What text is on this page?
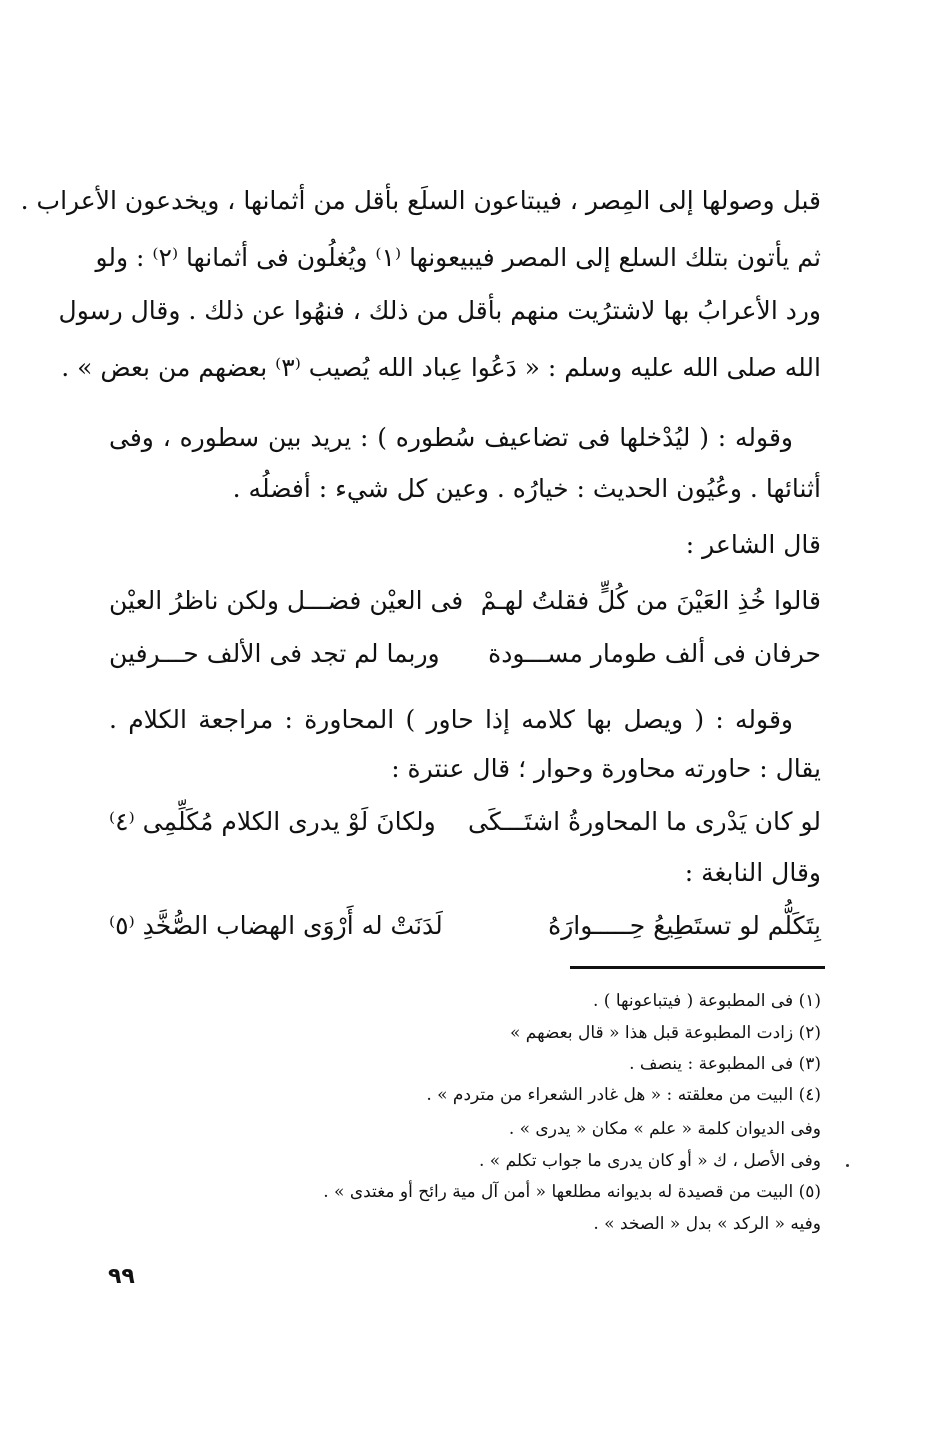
قبل وصولها إلى المِصر ، فيبتاعون السلَع بأقل من أثمانها ، ويخدعون الأعراب .
ثم يأتون بتلك السلع إلى المصر فيبيعونها ⁽١⁾ ويُغلُون فى أثمانها ⁽٢⁾ : ولو
ورد الأعرابُ بها لاشترُيت منهم بأقل من ذلك ، فنهُوا عن ذلك . وقال رسول
الله صلى الله عليه وسلم : « دَعُوا عِباد الله يُصيب ⁽٣⁾ بعضهم من بعض » .
وقوله : ( ليُدْخلها فى تضاعيف سُطوره ) : يريد بين سطوره ، وفى
أثنائها . وعُيُون الحديث : خيارُه . وعين كل شيء : أفضلُه .
قال الشاعر :
قالوا خُذِ العَيْنَ من كُلٍّ فقلتُ لهـمْ
فى العيْن فضـــل ولكن ناظرُ العيْن
حرفان فى ألف طومار مســـودة
وربما لم تجد فى الألف حـــرفين
وقوله : ( ويصل بها كلامه إذا حاور ) المحاورة : مراجعة الكلام .
يقال : حاورته محاورة وحوار ؛ قال عنترة :
لو كان يَدْرى ما المحاورةُ اشتَـــكَى
ولكانَ لَوْ يدرى الكلام مُكَلِّمِى ⁽٤⁾
وقال النابغة :
بِتَكَلُّم لو تستَطِيعُ حِـــــوارَهُ
لَدَنَتْ له أَرْوَى الهضاب الصُّخَّدِ ⁽٥⁾
(١) فى المطبوعة ( فيتباعونها ) .
(٢) زادت المطبوعة قبل هذا « قال بعضهم »
(٣) فى المطبوعة : ينصف .
(٤) البيت من معلقته : « هل غادر الشعراء من متردم » .
وفى الديوان كلمة « علم » مكان « يدرى » .
وفى الأصل ، ك « أو كان يدرى ما جواب تكلم » .
(٥) البيت من قصيدة له بديوانه مطلعها « أمن آل مية رائح أو مغتدى » .
وفيه « الركد » بدل « الصخد » .
٩٩
